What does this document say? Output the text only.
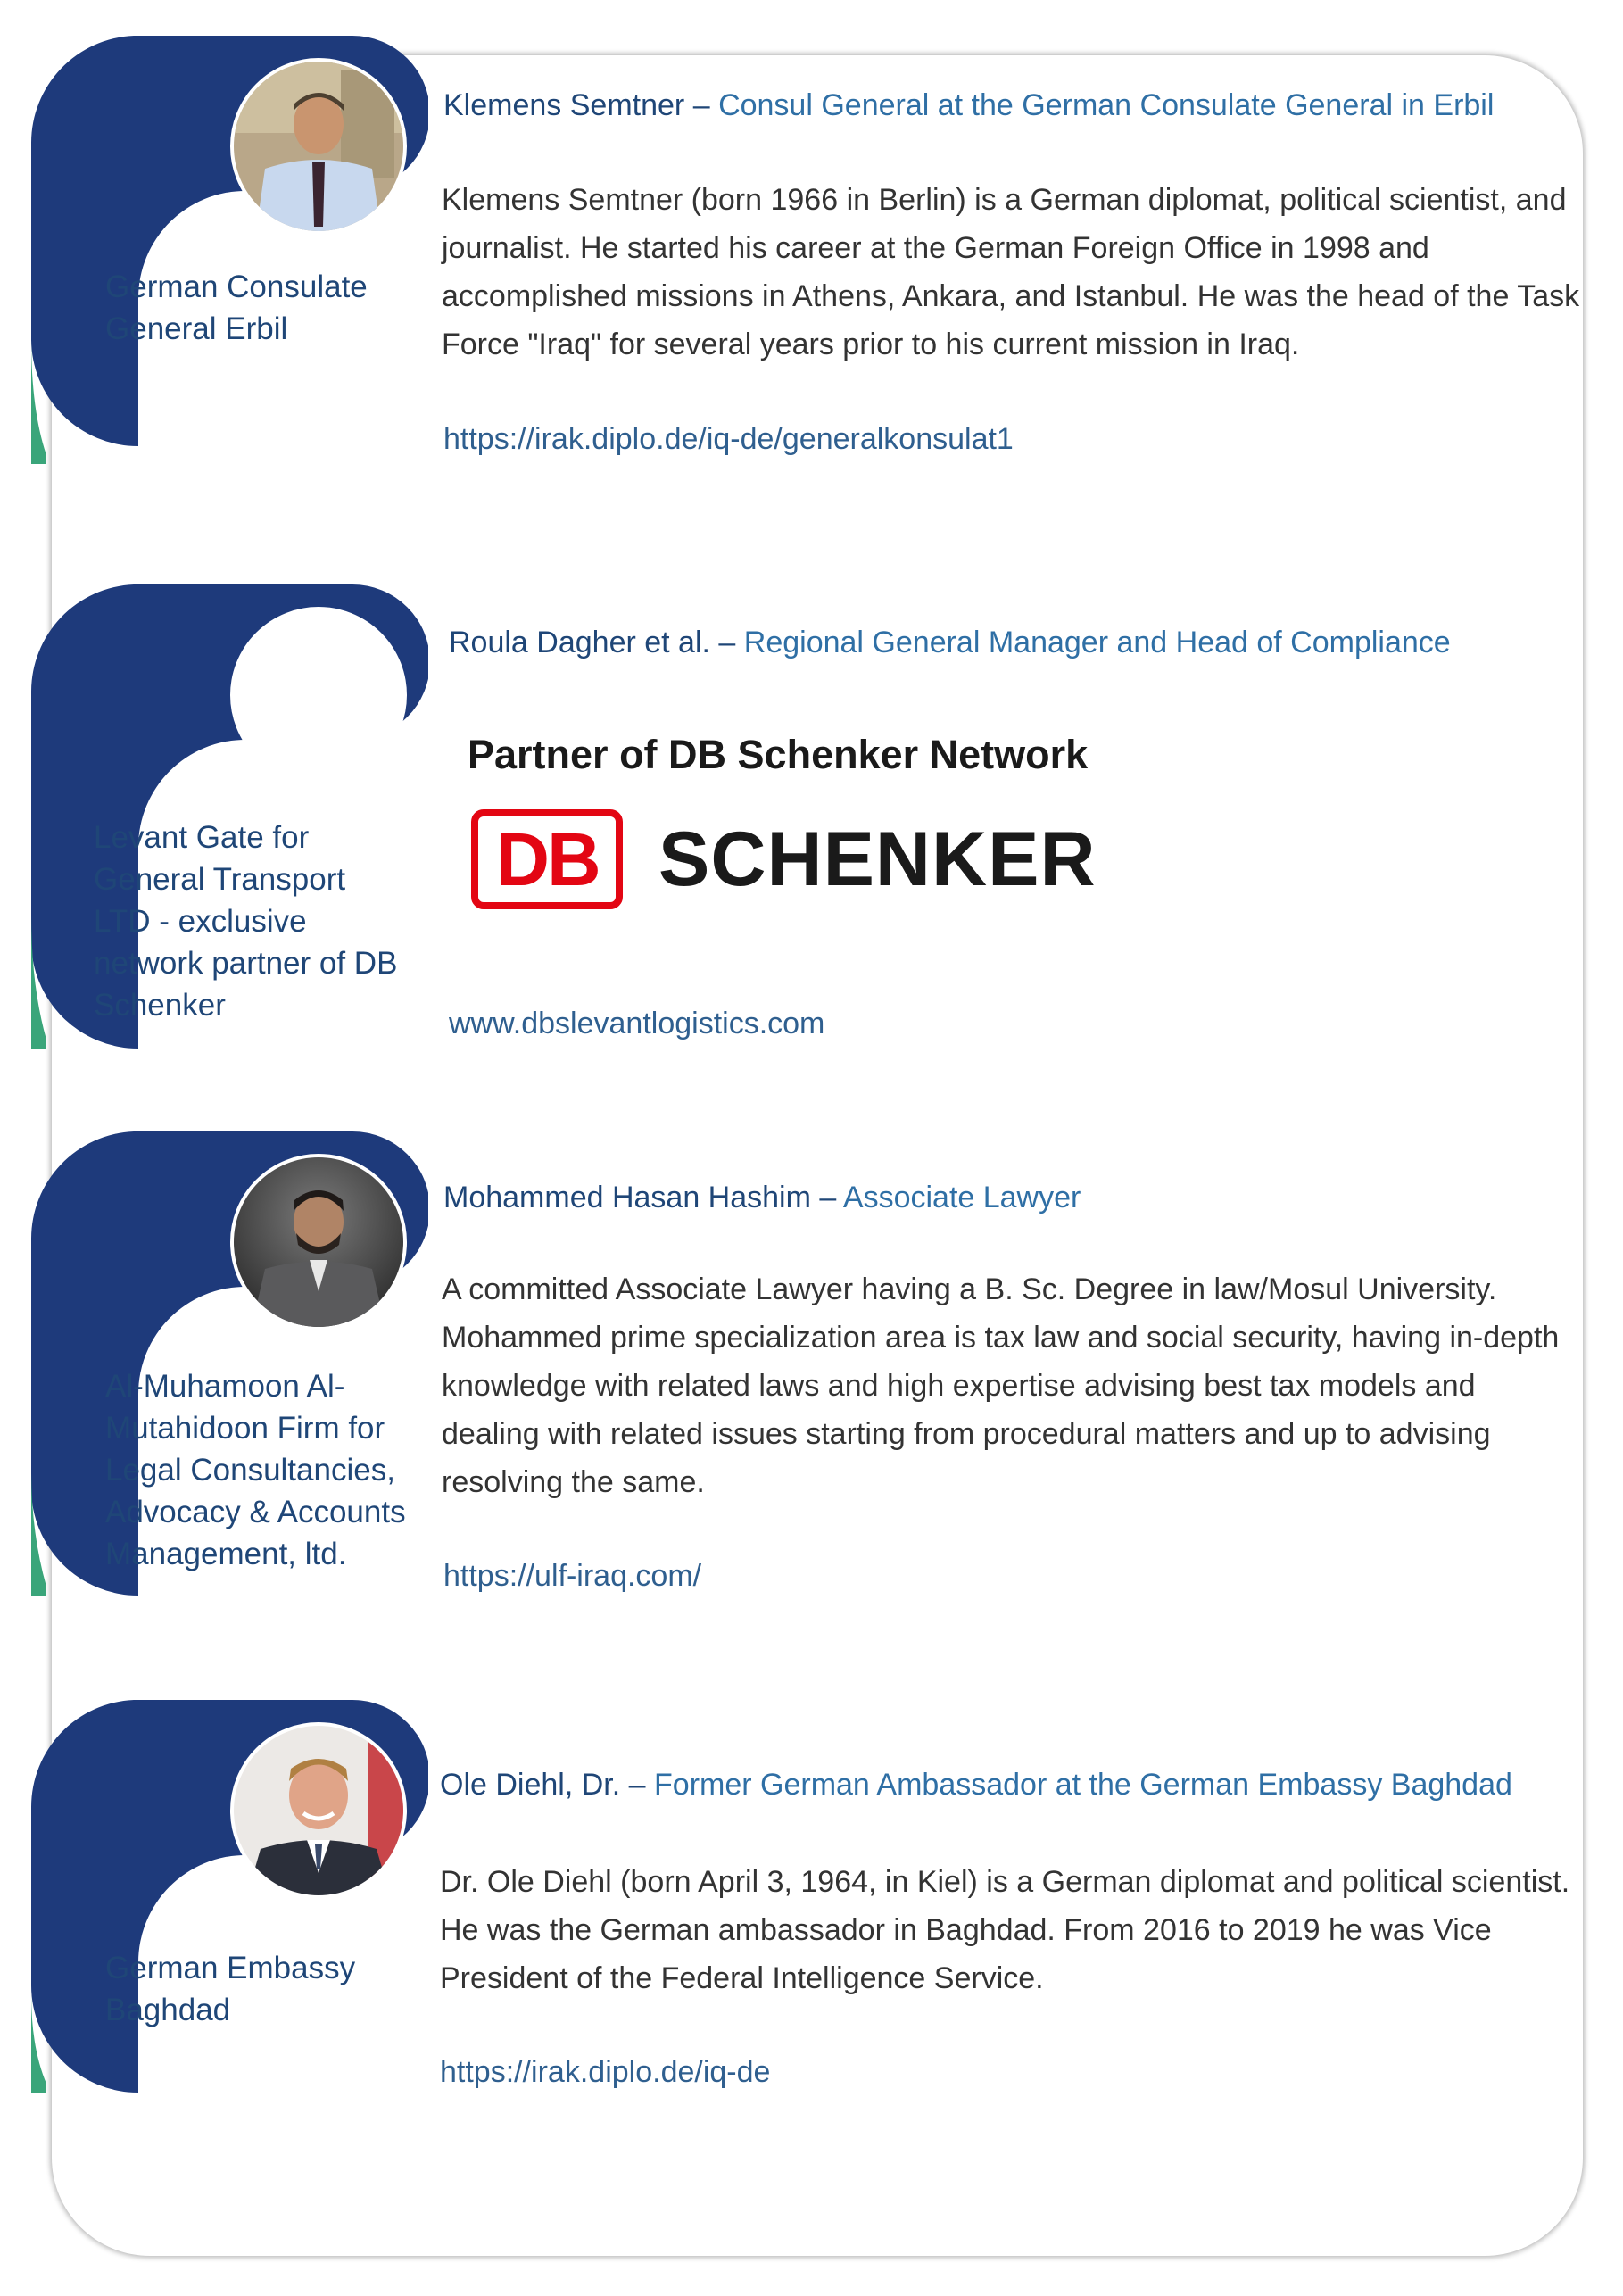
German Consulate
General Erbil

Klemens Semtner – Consul General at the German Consulate General in Erbil

Klemens Semtner (born 1966 in Berlin) is a German diplomat, political scientist, and
journalist. He started his career at the German Foreign Office in 1998 and
accomplished missions in Athens, Ankara, and Istanbul. He was the head of the Task
Force "Iraq" for several years prior to his current mission in Iraq.

https://irak.diplo.de/iq-de/generalkonsulat1

Levant Gate for
General Transport
LTD - exclusive
network partner of DB
Schenker

Roula Dagher et al. – Regional General Manager and Head of Compliance

Partner of DB Schenker Network

DB SCHENKER
www.dbslevantlogistics.com

Al-Muhamoon Al-
Mutahidoon Firm for
Legal Consultancies,
Advocacy & Accounts
Management, ltd.

Mohammed Hasan Hashim – Associate Lawyer

A committed Associate Lawyer having a B. Sc. Degree in law/Mosul University.
Mohammed prime specialization area is tax law and social security, having in-depth
knowledge with related laws and high expertise advising best tax models and
dealing with related issues starting from procedural matters and up to advising
resolving the same.

https://ulf-iraq.com/

German Embassy
Baghdad

Ole Diehl, Dr. – Former German Ambassador at the German Embassy Baghdad

Dr. Ole Diehl (born April 3, 1964, in Kiel) is a German diplomat and political scientist.
He was the German ambassador in Baghdad. From 2016 to 2019 he was Vice
President of the Federal Intelligence Service.

https://irak.diplo.de/iq-de
